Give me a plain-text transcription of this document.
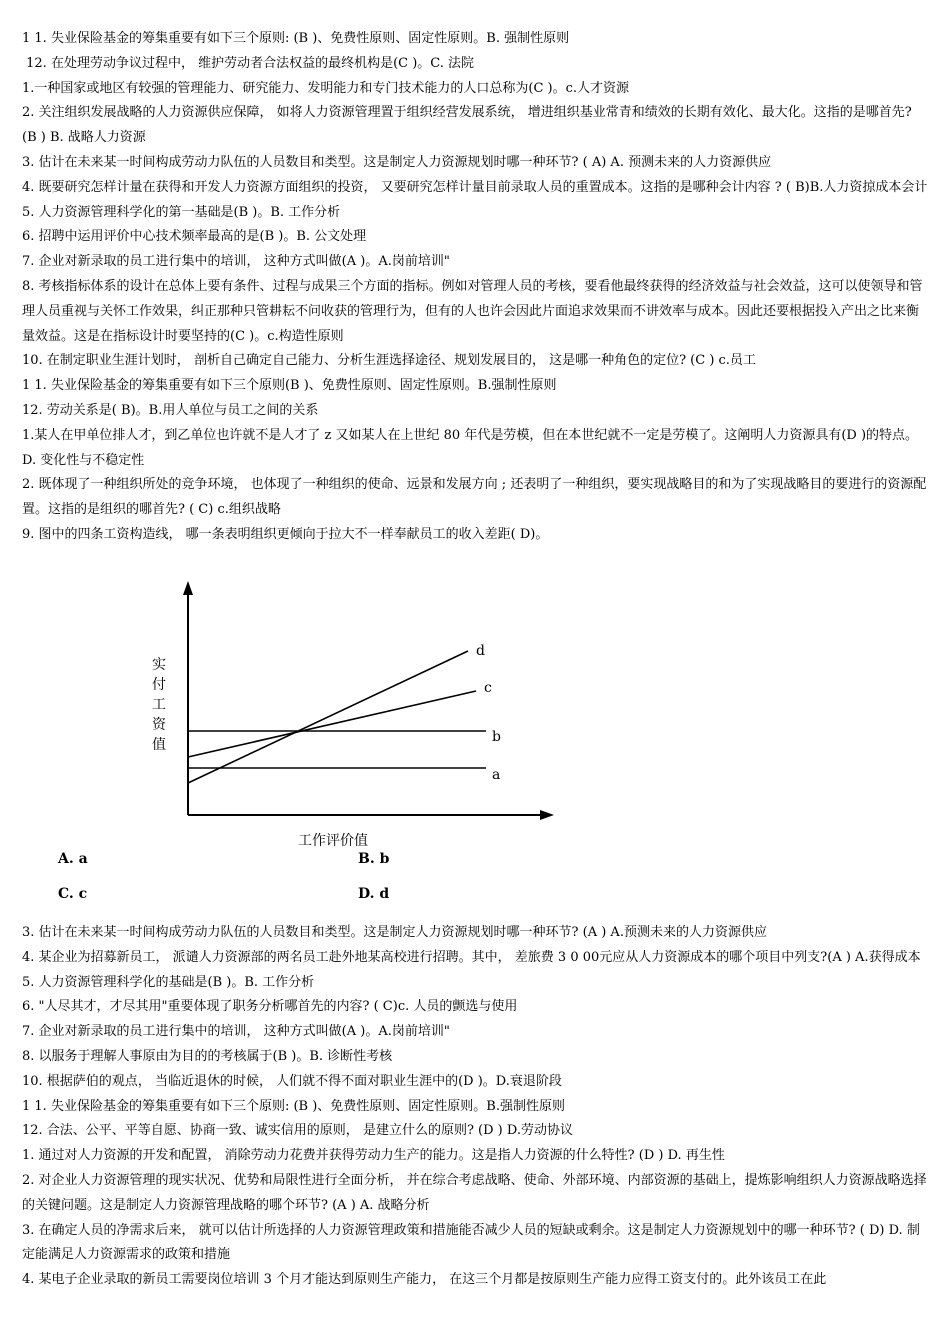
1 1. 失业保险基金的筹集重要有如下三个原则: (B )、免费性原则、固定性原则。B. 强制性原则

12. 在处理劳动争议过程中， 维护劳动者合法权益的最终机构是(C )。C. 法院

1.一种国家或地区有较强的管理能力、研究能力、发明能力和专门技术能力的人口总称为(C )。c.人才资源

2. 关注组织发展战略的人力资源供应保障， 如将人力资源管理置于组织经营发展系统， 增进组织基业常青和绩效的长期有效化、最大化。这指的是哪首先? (B ) B. 战略人力资源

3. 估计在未来某一时间构成劳动力队伍的人员数目和类型。这是制定人力资源规划时哪一种环节? ( A) A. 预测未来的人力资源供应

4. 既要研究怎样计量在获得和开发人力资源方面组织的投资， 又要研究怎样计量目前录取人员的重置成本。这指的是哪种会计内容 ? ( B)B.人力资掠成本会计

5. 人力资源管理科学化的第一基础是(B )。B. 工作分析

6. 招聘中运用评价中心技术频率最高的是(B )。B. 公文处理

7. 企业对新录取的员工进行集中的培训， 这种方式叫做(A )。A.岗前培训"

8. 考核指标体系的设计在总体上要有条件、过程与成果三个方面的指标。例如对管理人员的考核，要看他最终获得的经济效益与社会效益，这可以使领导和管理人员重视与关怀工作效果，纠正那种只管耕耘不问收获的管理行为，但有的人也许会因此片面追求效果而不讲效率与成本。因此还要根据投入产出之比来衡量效益。这是在指标设计时要坚持的(C )。c.构造性原则

10. 在制定职业生涯计划时， 剖析自己确定自己能力、分析生涯选择途径、规划发展目的， 这是哪一种角色的定位? (C ) c.员工

1 1. 失业保险基金的筹集重要有如下三个原则(B )、免费性原则、固定性原则。B.强制性原则

12. 劳动关系是( B)。B.用人单位与员工之间的关系

1.某人在甲单位排人才，到乙单位也许就不是人才了 z 又如某人在上世纪 80 年代是劳模，但在本世纪就不一定是劳模了。这阐明人力资源具有(D )的特点。D. 变化性与不稳定性

2. 既体现了一种组织所处的竞争环境， 也体现了一种组织的使命、远景和发展方向 ; 还表明了一种组织，要实现战略目的和为了实现战略目的要进行的资源配置。这指的是组织的哪首先? ( C) c.组织战略

9. 图中的四条工资构造线， 哪一条表明组织更倾向于拉大不一样奉献员工的收入差距( D)。

实付工资值
a
b
c
d
工作评价值
A. a	B. b
C. c	D. d

3. 估计在未来某一时间构成劳动力队伍的人员数目和类型。这是制定人力资源规划时哪一种环节? (A ) A.预测未来的人力资源供应

4. 某企业为招募新员工， 派谴人力资源部的两名员工赴外地某高校进行招聘。其中， 差旅费 3 0 00元应从人力资源成本的哪个项目中列支?(A ) A.获得成本

5. 人力资源管理科学化的基础是(B )。B. 工作分析

6. "人尽其才，才尽其用"重要体现了职务分析哪首先的内容? ( C)c. 人员的颤选与使用

7. 企业对新录取的员工进行集中的培训， 这种方式叫做(A )。A.岗前培训"

8. 以服务于理解人事原由为目的的考核属于(B )。B. 诊断性考核

10. 根据萨伯的观点， 当临近退休的时候， 人们就不得不面对职业生涯中的(D )。D.衰退阶段

1 1. 失业保险基金的筹集重要有如下三个原则: (B )、免费性原则、固定性原则。B.强制性原则

12. 合法、公平、平等自愿、协商一致、诚实信用的原则， 是建立什么的原则? (D ) D.劳动协议

1. 通过对人力资源的开发和配置， 消除劳动力花费并获得劳动力生产的能力。这是指人力资源的什么特性? (D ) D. 再生性

2. 对企业人力资源管理的现实状况、优势和局限性进行全面分析， 并在综合考虑战略、使命、外部环境、内部资源的基础上，提炼影响组织人力资源战略选择的关键问题。这是制定人力资源管理战略的哪个环节? (A ) A. 战略分析

3. 在确定人员的净需求后来， 就可以估计所选择的人力资源管理政策和措施能否减少人员的短缺或剩余。这是制定人力资源规划中的哪一种环节? ( D) D. 制定能满足人力资源需求的政策和措施

4. 某电子企业录取的新员工需要岗位培训 3 个月才能达到原则生产能力， 在这三个月都是按原则生产能力应得工资支付的。此外该员工在此
